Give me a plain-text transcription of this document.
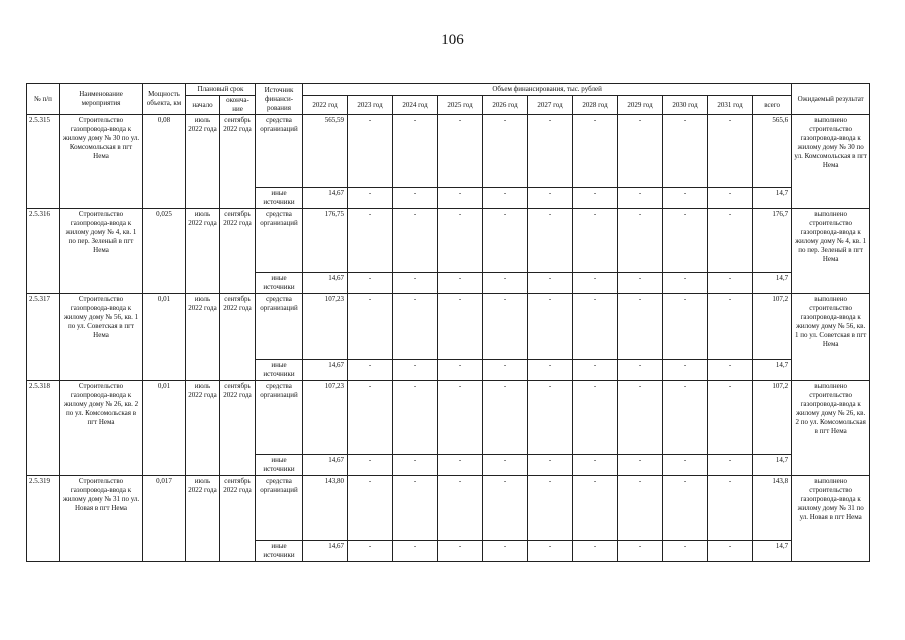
106
№ п/п	Наименование мероприятия	Мощность объекта, км	Плановый срок		Источник финанси-рования	Объем финансирования, тыс. рублей											Ожидаемый результат
			начало	оконча-ние		2022 год	2023 год	2024 год	2025 год	2026 год	2027 год	2028 год	2029 год	2030 год	2031 год	всего	
2.5.315	Строительство газопровода-ввода к жилому дому № 30 по ул. Комсомольская в пгт Нема	0,08	июль 2022 года	сентябрь 2022 года	средства организаций	565,59	-	-	-	-	-	-	-	-	-	565,6	выполнено строительство газопровода-ввода к жилому дому № 30 по ул. Комсомольская в пгт Нема
					иные источники	14,67	-	-	-	-	-	-	-	-	-	14,7	
2.5.316	Строительство газопровода-ввода к жилому дому № 4, кв. 1 по пер. Зеленый в пгт Нема	0,025	июль 2022 года	сентябрь 2022 года	средства организаций	176,75	-	-	-	-	-	-	-	-	-	176,7	выполнено строительство газопровода-ввода к жилому дому № 4, кв. 1 по пер. Зеленый в пгт Нема
					иные источники	14,67	-	-	-	-	-	-	-	-	-	14,7	
2.5.317	Строительство газопровода-ввода к жилому дому № 56, кв. 1 по ул. Советская в пгт Нема	0,01	июль 2022 года	сентябрь 2022 года	средства организаций	107,23	-	-	-	-	-	-	-	-	-	107,2	выполнено строительство газопровода-ввода к жилому дому № 56, кв. 1 по ул. Советская в пгт Нема
					иные источники	14,67	-	-	-	-	-	-	-	-	-	14,7	
2.5.318	Строительство газопровода-ввода к жилому дому № 26, кв. 2 по ул. Комсомольская в пгт Нема	0,01	июль 2022 года	сентябрь 2022 года	средства организаций	107,23	-	-	-	-	-	-	-	-	-	107,2	выполнено строительство газопровода-ввода к жилому дому № 26, кв. 2 по ул. Комсомольская в пгт Нема
					иные источники	14,67	-	-	-	-	-	-	-	-	-	14,7	
2.5.319	Строительство газопровода-ввода к жилому дому № 31 по ул. Новая в пгт Нема	0,017	июль 2022 года	сентябрь 2022 года	средства организаций	143,80	-	-	-	-	-	-	-	-	-	143,8	выполнено строительство газопровода-ввода к жилому дому № 31 по ул. Новая в пгт Нема
					иные источники	14,67	-	-	-	-	-	-	-	-	-	14,7	
